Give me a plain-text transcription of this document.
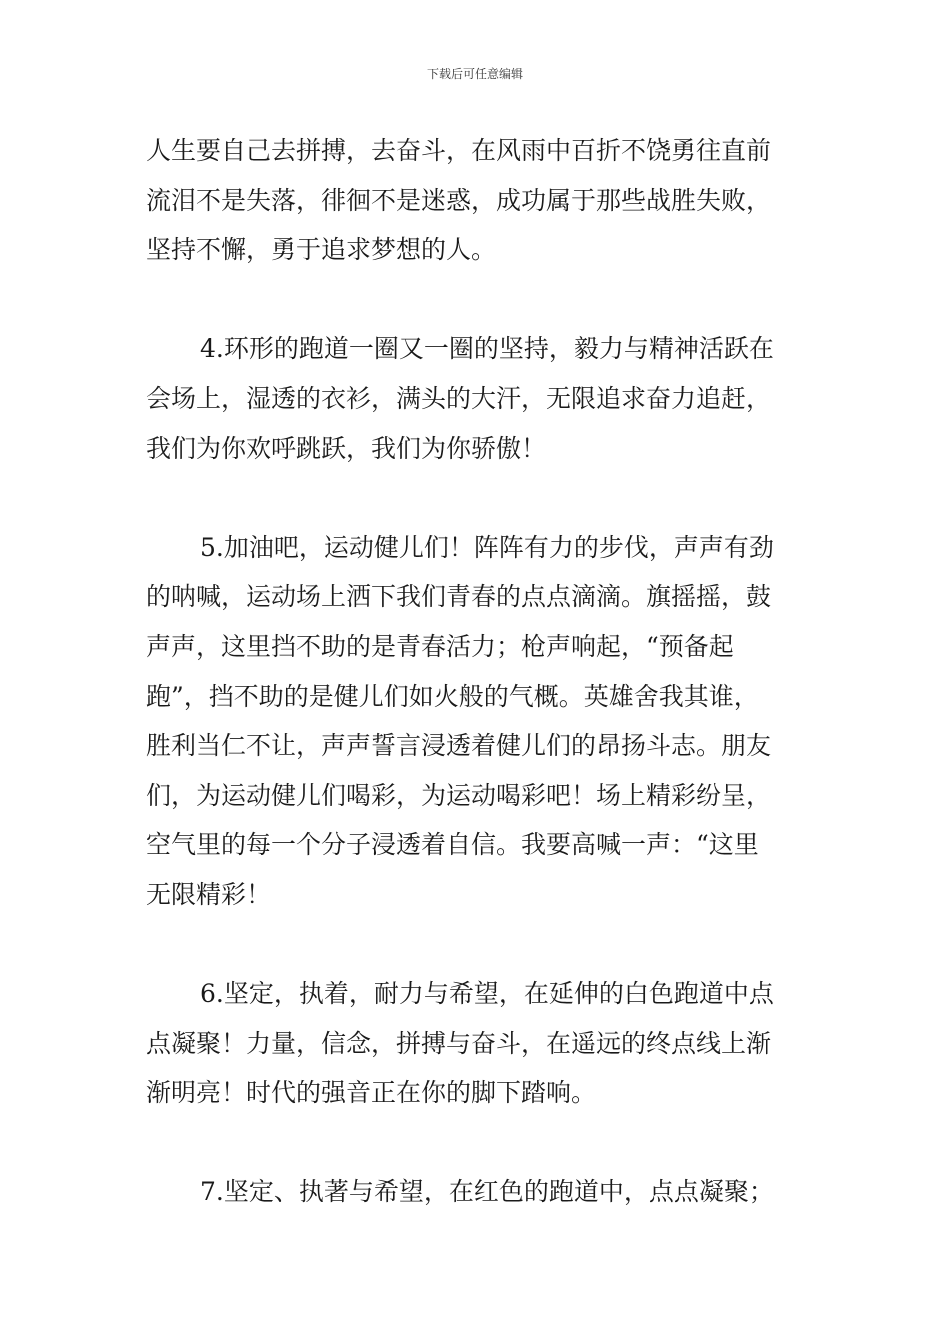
下载后可任意编辑
人生要自己去拼搏，去奋斗，在风雨中百折不饶勇往直前
流泪不是失落，徘徊不是迷惑，成功属于那些战胜失败，
坚持不懈，勇于追求梦想的人。
4.环形的跑道一圈又一圈的坚持，毅力与精神活跃在
会场上，湿透的衣衫，满头的大汗，无限追求奋力追赶，
我们为你欢呼跳跃，我们为你骄傲！
5.加油吧，运动健儿们！阵阵有力的步伐，声声有劲
的呐喊，运动场上洒下我们青春的点点滴滴。旗摇摇，鼓
声声，这里挡不助的是青春活力；枪声响起，“预备起
跑”，挡不助的是健儿们如火般的气概。英雄舍我其谁，
胜利当仁不让，声声誓言浸透着健儿们的昂扬斗志。朋友
们，为运动健儿们喝彩，为运动喝彩吧！场上精彩纷呈，
空气里的每一个分子浸透着自信。我要高喊一声：“这里
无限精彩！
6.坚定，执着，耐力与希望，在延伸的白色跑道中点
点凝聚！力量，信念，拼搏与奋斗，在遥远的终点线上渐
渐明亮！时代的强音正在你的脚下踏响。
7.坚定、执著与希望，在红色的跑道中，点点凝聚；
